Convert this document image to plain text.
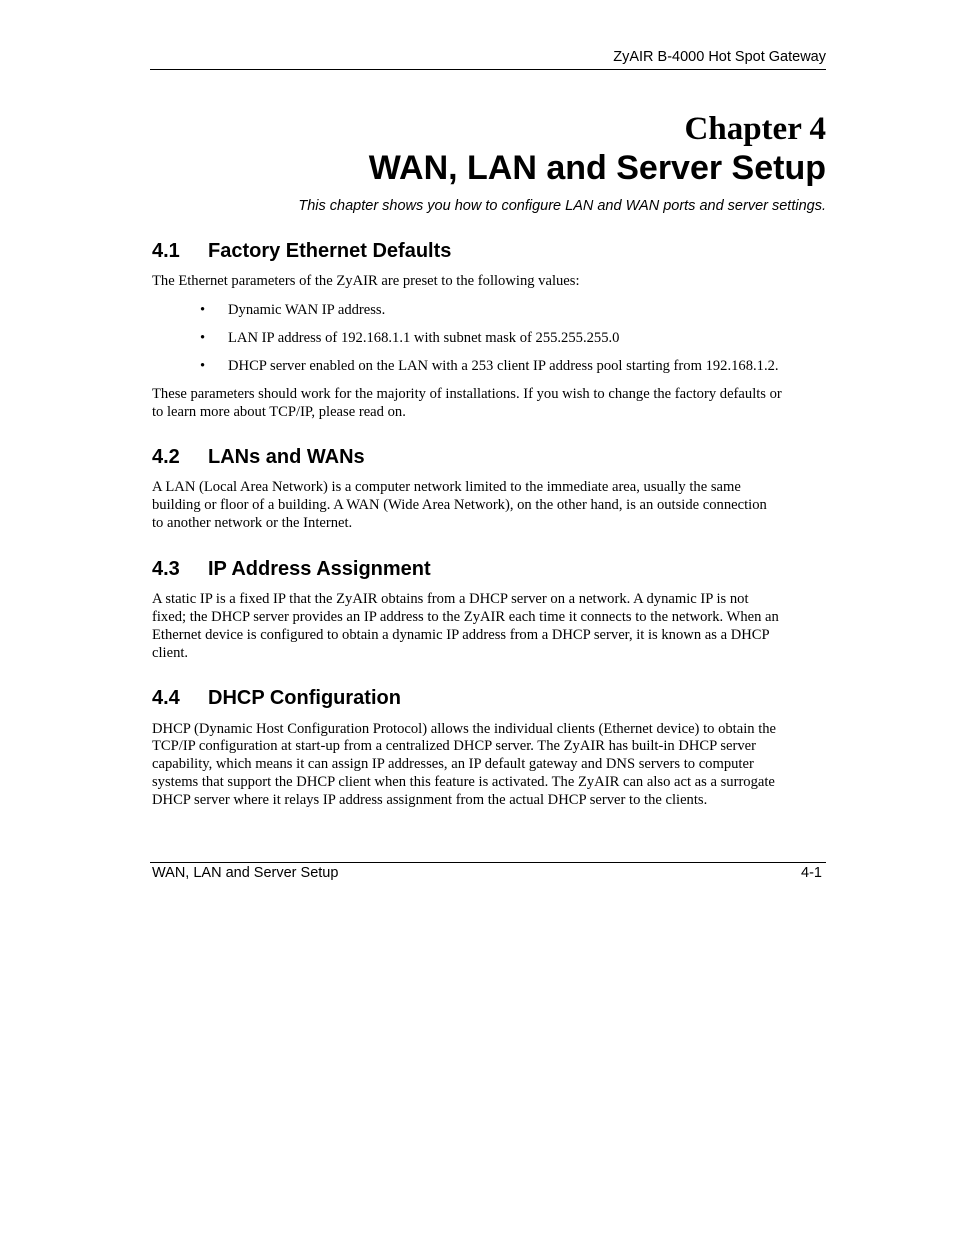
ZyAIR B-4000 Hot Spot Gateway
Chapter 4
WAN, LAN and Server Setup
This chapter shows you how to configure LAN and WAN ports and server settings.
4.1 Factory Ethernet Defaults
The Ethernet parameters of the ZyAIR are preset to the following values:
• Dynamic WAN IP address.
• LAN IP address of 192.168.1.1 with subnet mask of 255.255.255.0
• DHCP server enabled on the LAN with a 253 client IP address pool starting from 192.168.1.2.
These parameters should work for the majority of installations. If you wish to change the factory defaults or
to learn more about TCP/IP, please read on.
4.2 LANs and WANs
A LAN (Local Area Network) is a computer network limited to the immediate area, usually the same
building or floor of a building. A WAN (Wide Area Network), on the other hand, is an outside connection
to another network or the Internet.
4.3 IP Address Assignment
A static IP is a fixed IP that the ZyAIR obtains from a DHCP server on a network. A dynamic IP is not
fixed; the DHCP server provides an IP address to the ZyAIR each time it connects to the network. When an
Ethernet device is configured to obtain a dynamic IP address from a DHCP server, it is known as a DHCP
client.
4.4 DHCP Configuration
DHCP (Dynamic Host Configuration Protocol) allows the individual clients (Ethernet device) to obtain the
TCP/IP configuration at start-up from a centralized DHCP server. The ZyAIR has built-in DHCP server
capability, which means it can assign IP addresses, an IP default gateway and DNS servers to computer
systems that support the DHCP client when this feature is activated. The ZyAIR can also act as a surrogate
DHCP server where it relays IP address assignment from the actual DHCP server to the clients.
WAN, LAN and Server Setup	4-1
